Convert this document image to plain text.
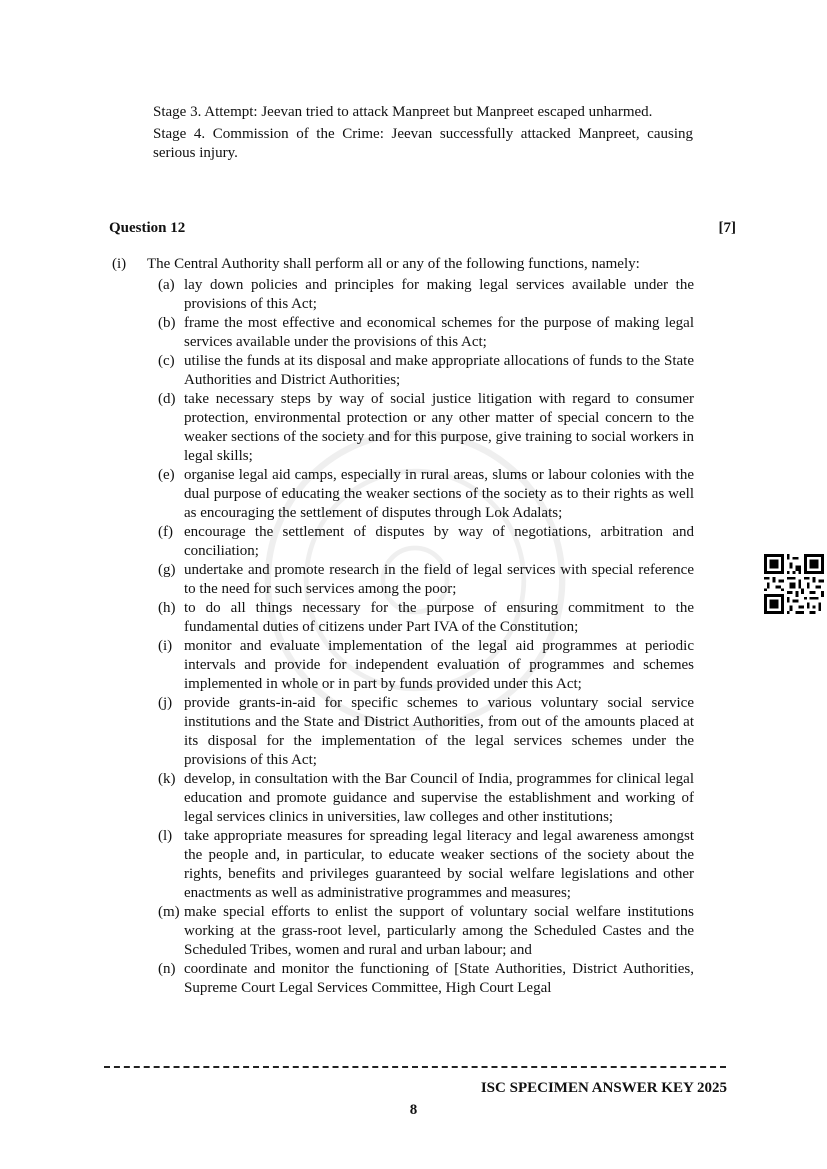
Stage 3. Attempt: Jeevan tried to attack Manpreet but Manpreet escaped unharmed.

Stage 4. Commission of the Crime: Jeevan successfully attacked Manpreet, causing serious injury.

Question 12	[7]
(i) The Central Authority shall perform all or any of the following functions, namely:
(a) lay down policies and principles for making legal services available under the provisions of this Act;
(b) frame the most effective and economical schemes for the purpose of making legal services available under the provisions of this Act;
(c) utilise the funds at its disposal and make appropriate allocations of funds to the State Authorities and District Authorities;
(d) take necessary steps by way of social justice litigation with regard to consumer protection, environmental protection or any other matter of special concern to the weaker sections of the society and for this purpose, give training to social workers in legal skills;
(e) organise legal aid camps, especially in rural areas, slums or labour colonies with the dual purpose of educating the weaker sections of the society as to their rights as well as encouraging the settlement of disputes through Lok Adalats;
(f) encourage the settlement of disputes by way of negotiations, arbitration and conciliation;
(g) undertake and promote research in the field of legal services with special reference to the need for such services among the poor;
(h) to do all things necessary for the purpose of ensuring commitment to the fundamental duties of citizens under Part IVA of the Constitution;
(i) monitor and evaluate implementation of the legal aid programmes at periodic intervals and provide for independent evaluation of programmes and schemes implemented in whole or in part by funds provided under this Act;
(j) provide grants-in-aid for specific schemes to various voluntary social service institutions and the State and District Authorities, from out of the amounts placed at its disposal for the implementation of the legal services schemes under the provisions of this Act;
(k) develop, in consultation with the Bar Council of India, programmes for clinical legal education and promote guidance and supervise the establishment and working of legal services clinics in universities, law colleges and other institutions;
(l) take appropriate measures for spreading legal literacy and legal awareness amongst the people and, in particular, to educate weaker sections of the society about the rights, benefits and privileges guaranteed by social welfare legislations and other enactments as well as administrative programmes and measures;
(m) make special efforts to enlist the support of voluntary social welfare institutions working at the grass-root level, particularly among the Scheduled Castes and the Scheduled Tribes, women and rural and urban labour; and
(n) coordinate and monitor the functioning of [State Authorities, District Authorities, Supreme Court Legal Services Committee, High Court Legal
ISC SPECIMEN ANSWER KEY 2025
8
